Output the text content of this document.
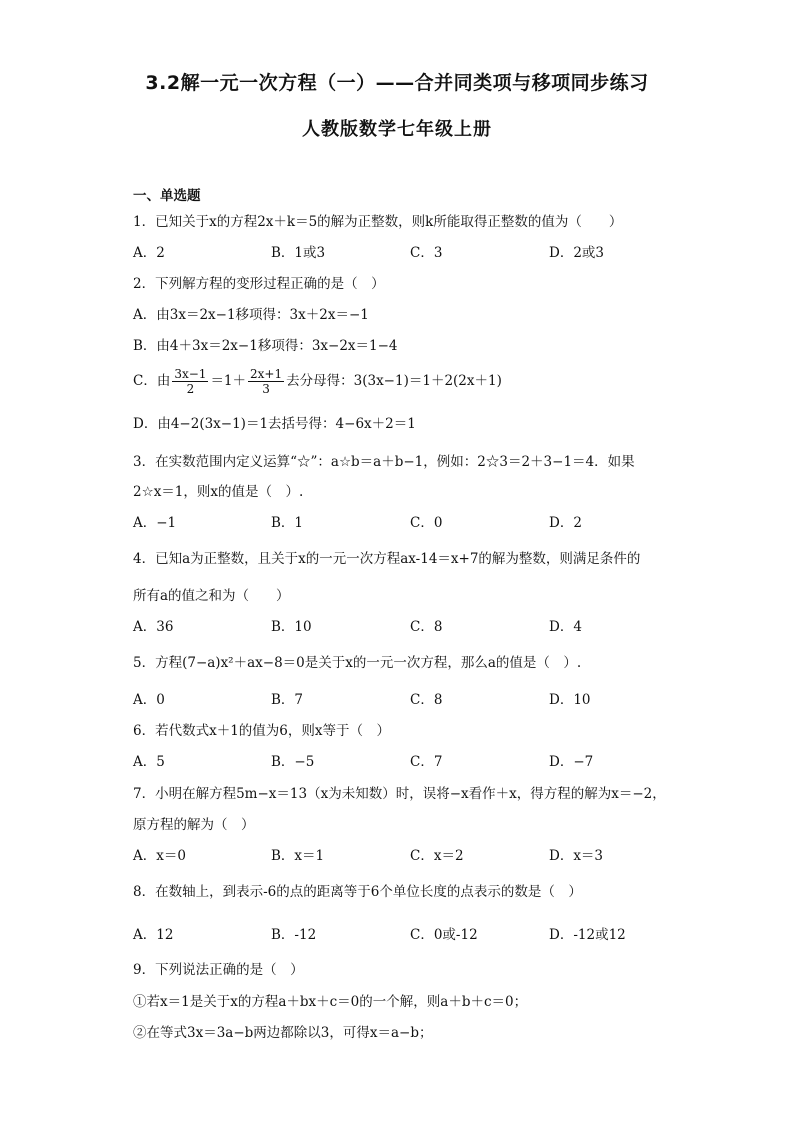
3.2解一元一次方程（一）——合并同类项与移项同步练习
人教版数学七年级上册
一、单选题
1．已知关于x的方程2x＋k＝5的解为正整数，则k所能取得正整数的值为（　　）
A．2	B．1或3	C．3	D．2或3
2．下列解方程的变形过程正确的是（　）
A．由3x＝2x−1移项得：3x＋2x＝−1
B．由4＋3x＝2x−1移项得：3x−2x＝1−4
C．由 $\frac{3x-1}{2} =1+ \frac{2x+1}{3}$ 去分母得：3(3x−1)＝1＋2(2x＋1)
D．由4−2(3x−1)＝1去括号得：4−6x＋2＝1
3．在实数范围内定义运算“☆”：a☆b＝a＋b−1，例如：2☆3＝2＋3−1＝4．如果
2☆x＝1，则x的值是（　）.
A．−1	B．1	C．0	D．2
4．已知a为正整数，且关于x的一元一次方程ax-14＝x+7的解为整数，则满足条件的
所有a的值之和为（　　）
A．36	B．10	C．8	D．4
5．方程(7−a)x²＋ax−8＝0是关于x的一元一次方程，那么a的值是（　）.
A．0	B．7	C．8	D．10
6．若代数式x＋1的值为6，则x等于（　）
A．5	B．−5	C．7	D．−7
7．小明在解方程5m−x＝13（x为未知数）时，误将−x看作＋x，得方程的解为x＝−2，
原方程的解为（　）
A．x＝0	B．x＝1	C．x＝2	D．x＝3
8．在数轴上，到表示-6的点的距离等于6个单位长度的点表示的数是（　）
A．12	B．-12	C．0或-12	D．-12或12
9．下列说法正确的是（　）
①若x＝1是关于x的方程a＋bx＋c＝0的一个解，则a＋b＋c＝0；
②在等式3x＝3a−b两边都除以3，可得x＝a−b；
